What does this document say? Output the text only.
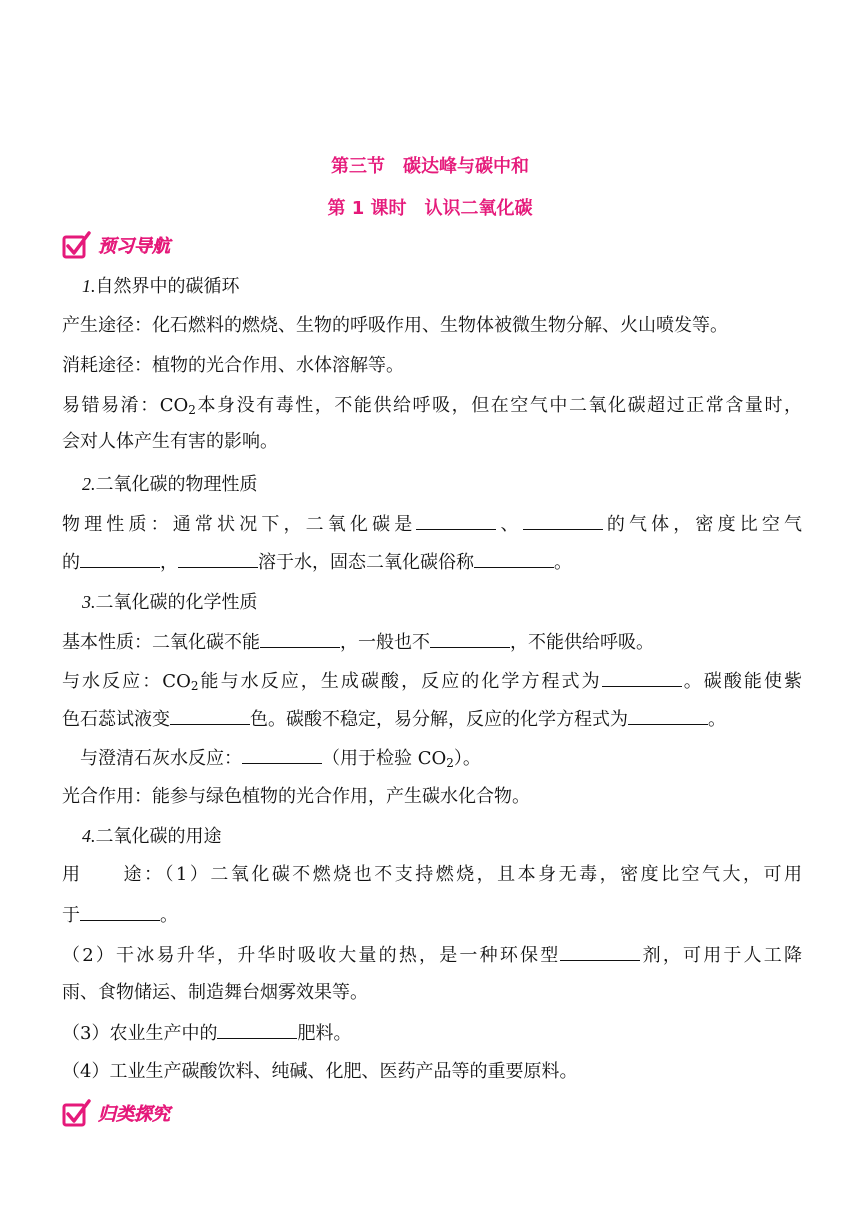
第三节　碳达峰与碳中和
第 1 课时　认识二氧化碳
预习导航
1.自然界中的碳循环
产生途径：化石燃料的燃烧、生物的呼吸作用、生物体被微生物分解、火山喷发等。
消耗途径：植物的光合作用、水体溶解等。
易错易淆：$CO_2$本身没有毒性，不能供给呼吸，但在空气中二氧化碳超过正常含量时，
会对人体产生有害的影响。
2.二氧化碳的物理性质
物理性质：通常状况下，二氧化碳是	、	的气体，密度比空气
的	，	溶于水，固态二氧化碳俗称	。
3.二氧化碳的化学性质
基本性质：二氧化碳不能	，一般也不	，不能供给呼吸。
与水反应：$CO_2$能与水反应，生成碳酸，反应的化学方程式为	。碳酸能使紫
色石蕊试液变	色。碳酸不稳定，易分解，反应的化学方程式为	。
与澄清石灰水反应：	（用于检验 $CO_2$）。
光合作用：能参与绿色植物的光合作用，产生碳水化合物。
4.二氧化碳的用途
用　　途：（1）二氧化碳不燃烧也不支持燃烧，且本身无毒，密度比空气大，可用
于	。
（2）干冰易升华，升华时吸收大量的热，是一种环保型	剂，可用于人工降
雨、食物储运、制造舞台烟雾效果等。
（3）农业生产中的	肥料。
（4）工业生产碳酸饮料、纯碱、化肥、医药产品等的重要原料。
归类探究
